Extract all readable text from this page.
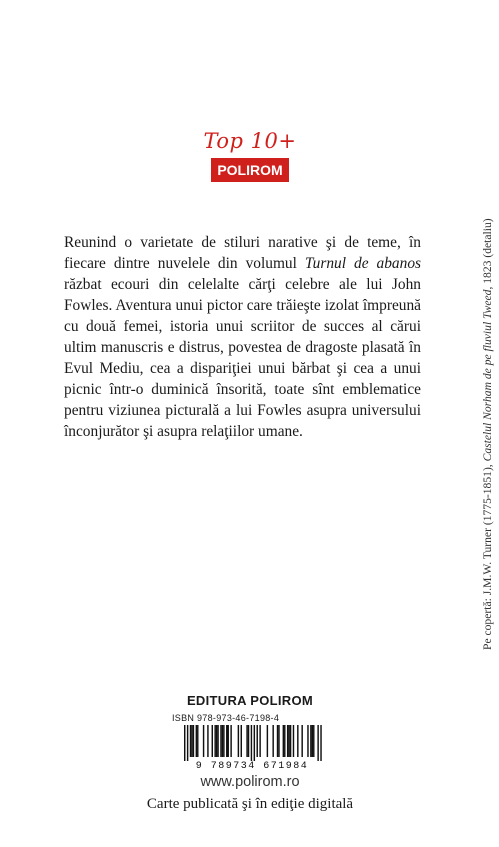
Top 10+
POLIROM

Reunind o varietate de stiluri narative şi de teme, în fiecare dintre nuvelele din volumul Turnul de abanos răzbat ecouri din celelalte cărţi celebre ale lui John Fowles. Aventura unui pictor care trăieşte izolat împreună cu două femei, istoria unui scriitor de succes al cărui ultim manuscris e distrus, povestea de dragoste plasată în Evul Mediu, cea a dispariţiei unui bărbat şi cea a unui picnic într-o duminică însorită, toate sînt emblematice pentru viziunea picturală a lui Fowles asupra universului înconjurător şi asupra relaţiilor umane.

Pe copertă: J.M.W. Turner (1775-1851), Castelul Norham de pe fluviul Tweed, 1823 (detaliu)
EDITURA POLIROM
ISBN 978-973-46-7198-4
9 789734 671984
www.polirom.ro
Carte publicată şi în ediţie digitală
